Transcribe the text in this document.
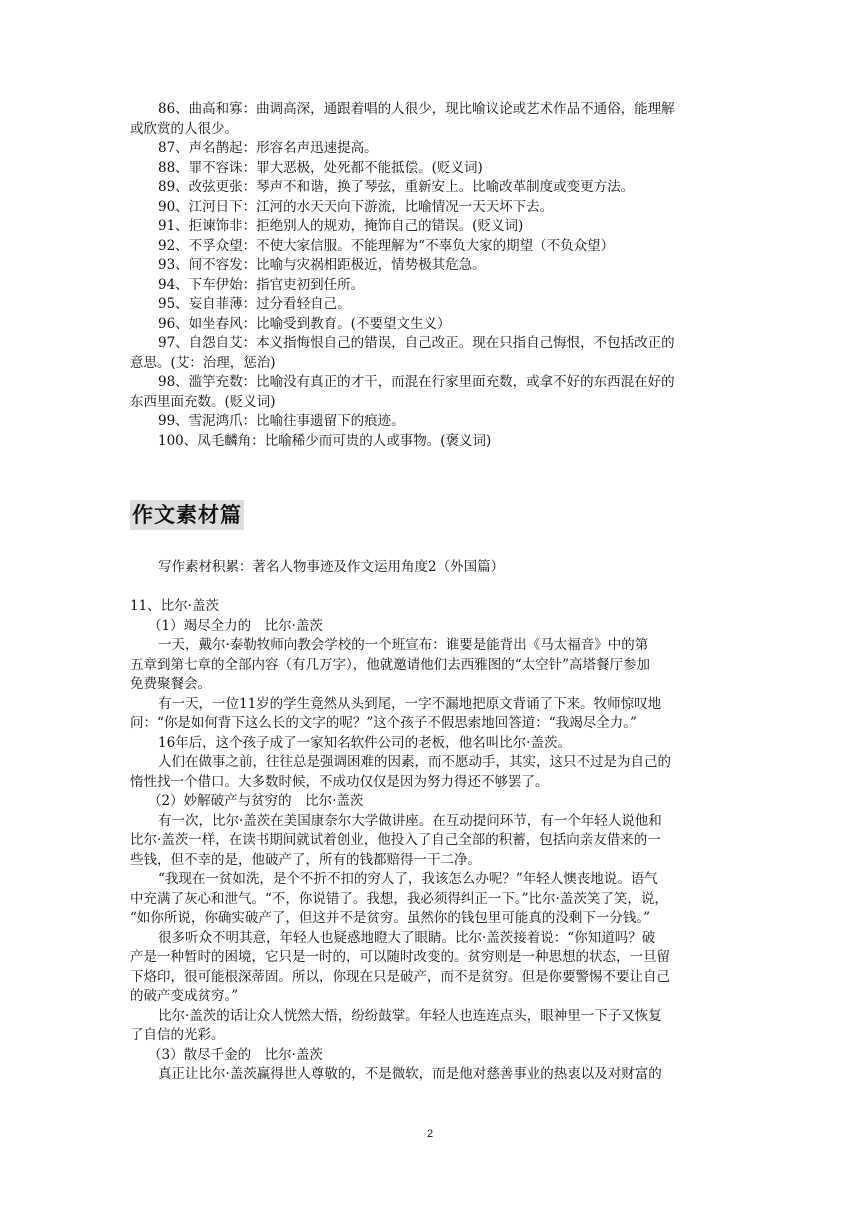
86、曲高和寡：曲调高深，通跟着唱的人很少，现比喻议论或艺术作品不通俗，能理解

或欣赏的人很少。

87、声名鹊起：形容名声迅速提高。

88、罪不容诛：罪大恶极，处死都不能抵偿。(贬义词)

89、改弦更张：琴声不和谐，换了琴弦，重新安上。比喻改革制度或变更方法。

90、江河日下：江河的水天天向下游流，比喻情况一天天坏下去。

91、拒谏饰非：拒绝别人的规劝，掩饰自己的错误。(贬义词)

92、不孚众望：不使大家信服。不能理解为“不辜负大家的期望（不负众望）

93、间不容发：比喻与灾祸相距极近，情势极其危急。

94、下车伊始：指官吏初到任所。

95、妄自菲薄：过分看轻自己。

96、如坐春风：比喻受到教育。(不要望文生义）

97、自怨自艾：本义指悔恨自己的错误，自己改正。现在只指自己悔恨，不包括改正的

意思。(艾：治理，惩治)

98、滥竽充数：比喻没有真正的才干，而混在行家里面充数，或拿不好的东西混在好的

东西里面充数。(贬义词)

99、雪泥鸿爪：比喻往事遗留下的痕迹。

100、凤毛麟角：比喻稀少而可贵的人或事物。(褒义词)

作文素材篇

写作素材积累：著名人物事迹及作文运用角度2（外国篇）

11、比尔·盖茨

（1）竭尽全力的　比尔·盖茨

一天，戴尔·泰勒牧师向教会学校的一个班宣布：谁要是能背出《马太福音》中的第

五章到第七章的全部内容（有几万字），他就邀请他们去西雅图的“太空针”高塔餐厅参加

免费聚餐会。

有一天，一位11岁的学生竟然从头到尾，一字不漏地把原文背诵了下来。牧师惊叹地

问：“你是如何背下这么长的文字的呢？”这个孩子不假思索地回答道：“我竭尽全力。”

16年后，这个孩子成了一家知名软件公司的老板，他名叫比尔·盖茨。

人们在做事之前，往往总是强调困难的因素，而不愿动手，其实，这只不过是为自己的

惰性找一个借口。大多数时候，不成功仅仅是因为努力得还不够罢了。

（2）妙解破产与贫穷的　比尔·盖茨

有一次，比尔·盖茨在美国康奈尔大学做讲座。在互动提问环节，有一个年轻人说他和

比尔·盖茨一样，在读书期间就试着创业，他投入了自己全部的积蓄，包括向亲友借来的一

些钱，但不幸的是，他破产了，所有的钱都赔得一干二净。

“我现在一贫如洗，是个不折不扣的穷人了，我该怎么办呢？”年轻人懊丧地说。语气

中充满了灰心和泄气。“不，你说错了。我想，我必须得纠正一下。”比尔·盖茨笑了笑，说，

“如你所说，你确实破产了，但这并不是贫穷。虽然你的钱包里可能真的没剩下一分钱。”

很多听众不明其意，年轻人也疑惑地瞪大了眼睛。比尔·盖茨接着说：“你知道吗？破

产是一种暂时的困境，它只是一时的，可以随时改变的。贫穷则是一种思想的状态，一旦留

下烙印，很可能根深蒂固。所以，你现在只是破产，而不是贫穷。但是你要警惕不要让自己

的破产变成贫穷。”

比尔·盖茨的话让众人恍然大悟，纷纷鼓掌。年轻人也连连点头，眼神里一下子又恢复

了自信的光彩。

（3）散尽千金的　比尔·盖茨

真正让比尔·盖茨赢得世人尊敬的，不是微软，而是他对慈善事业的热衷以及对财富的

2
